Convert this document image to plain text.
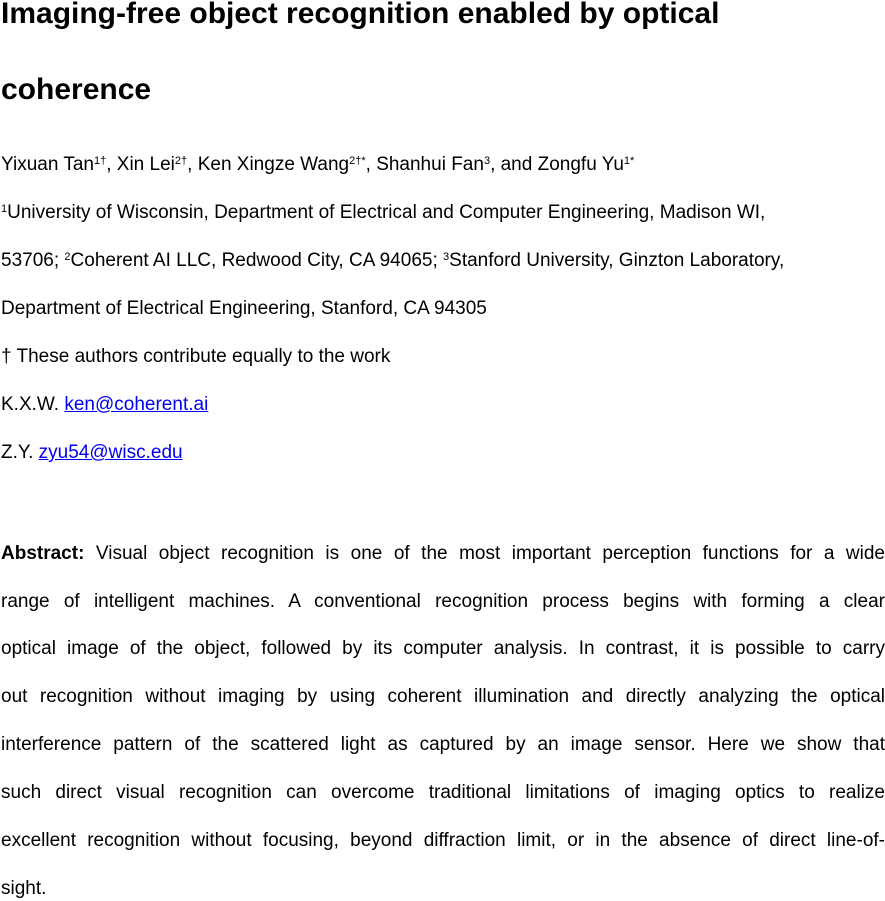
Imaging-free object recognition enabled by optical
coherence
Yixuan Tan$^{1\dagger}$, Xin Lei$^{2\dagger}$, Ken Xingze Wang$^{2\dagger*}$, Shanhui Fan$^3$, and Zongfu $Yu^{1*}$
$^1$University of Wisconsin, Department of Electrical and Computer Engineering, Madison WI,
53706; $^2$Coherent AI LLC, Redwood City, CA 94065; $^3$Stanford University, Ginzton Laboratory,
Department of Electrical Engineering, Stanford, CA 94305
† These authors contribute equally to the work
K.X.W. ken@coherent.ai
Z.Y. zyu54@wisc.edu
Abstract: Visual object recognition is one of the most important perception functions for a wide
range of intelligent machines. A conventional recognition process begins with forming a clear
optical image of the object, followed by its computer analysis. In contrast, it is possible to carry
out recognition without imaging by using coherent illumination and directly analyzing the optical
interference pattern of the scattered light as captured by an image sensor. Here we show that
such direct visual recognition can overcome traditional limitations of imaging optics to realize
excellent recognition without focusing, beyond diffraction limit, or in the absence of direct line-of-
sight.
